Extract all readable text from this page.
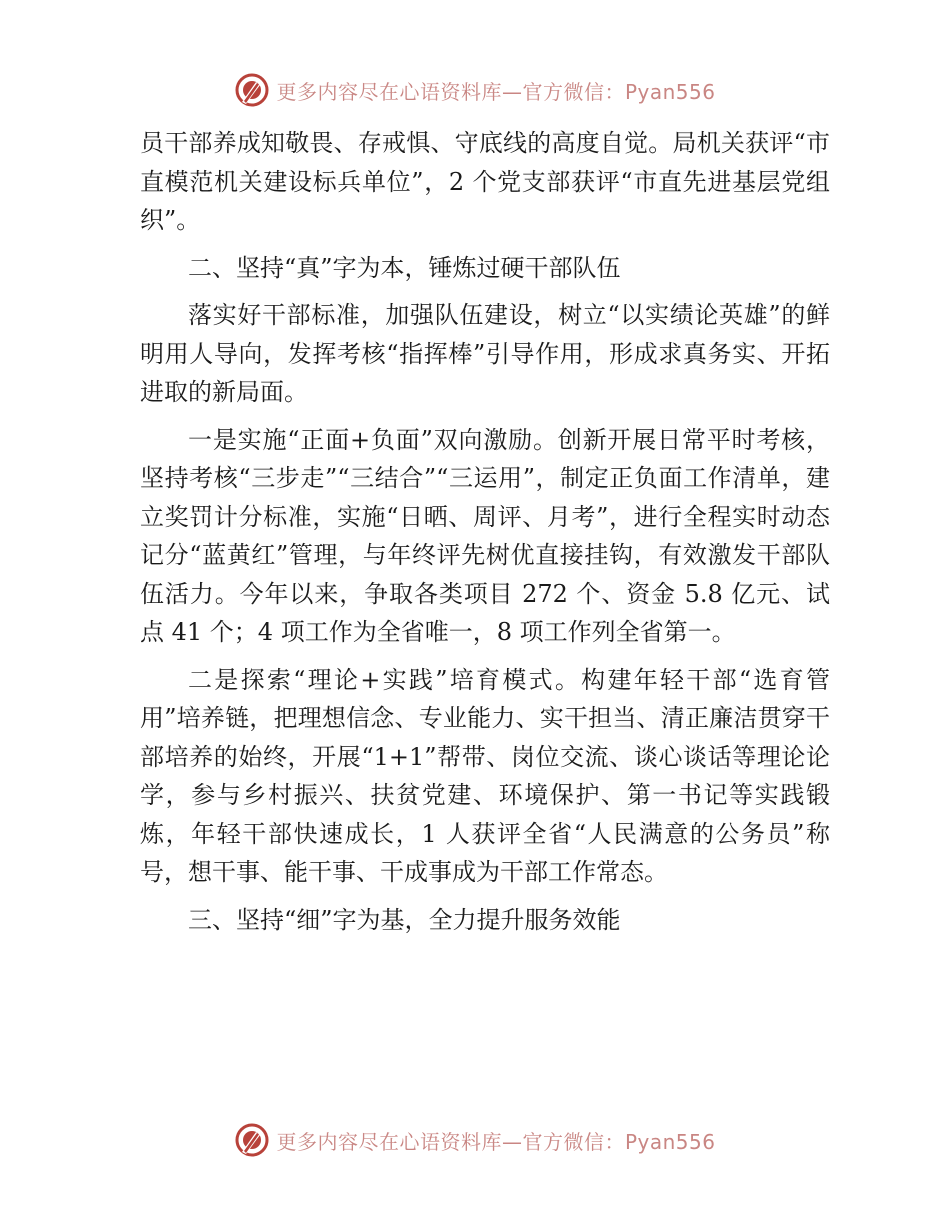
更多内容尽在心语资料库—官方微信：Pyan556

员干部养成知敬畏、存戒惧、守底线的高度自觉。局机关获评“市直模范机关建设标兵单位”，2 个党支部获评“市直先进基层党组织”。

二、坚持“真”字为本，锤炼过硬干部队伍

落实好干部标准，加强队伍建设，树立“以实绩论英雄”的鲜明用人导向，发挥考核“指挥棒”引导作用，形成求真务实、开拓进取的新局面。

一是实施“正面+负面”双向激励。创新开展日常平时考核，坚持考核“三步走”“三结合”“三运用”，制定正负面工作清单，建立奖罚计分标准，实施“日晒、周评、月考”，进行全程实时动态记分“蓝黄红”管理，与年终评先树优直接挂钩，有效激发干部队伍活力。今年以来，争取各类项目 272 个、资金 5.8 亿元、试点 41 个；4 项工作为全省唯一，8 项工作列全省第一。

二是探索“理论+实践”培育模式。构建年轻干部“选育管用”培养链，把理想信念、专业能力、实干担当、清正廉洁贯穿干部培养的始终，开展“1+1”帮带、岗位交流、谈心谈话等理论论学，参与乡村振兴、扶贫党建、环境保护、第一书记等实践锻炼，年轻干部快速成长，1 人获评全省“人民满意的公务员”称号，想干事、能干事、干成事成为干部工作常态。

三、坚持“细”字为基，全力提升服务效能

更多内容尽在心语资料库—官方微信：Pyan556
